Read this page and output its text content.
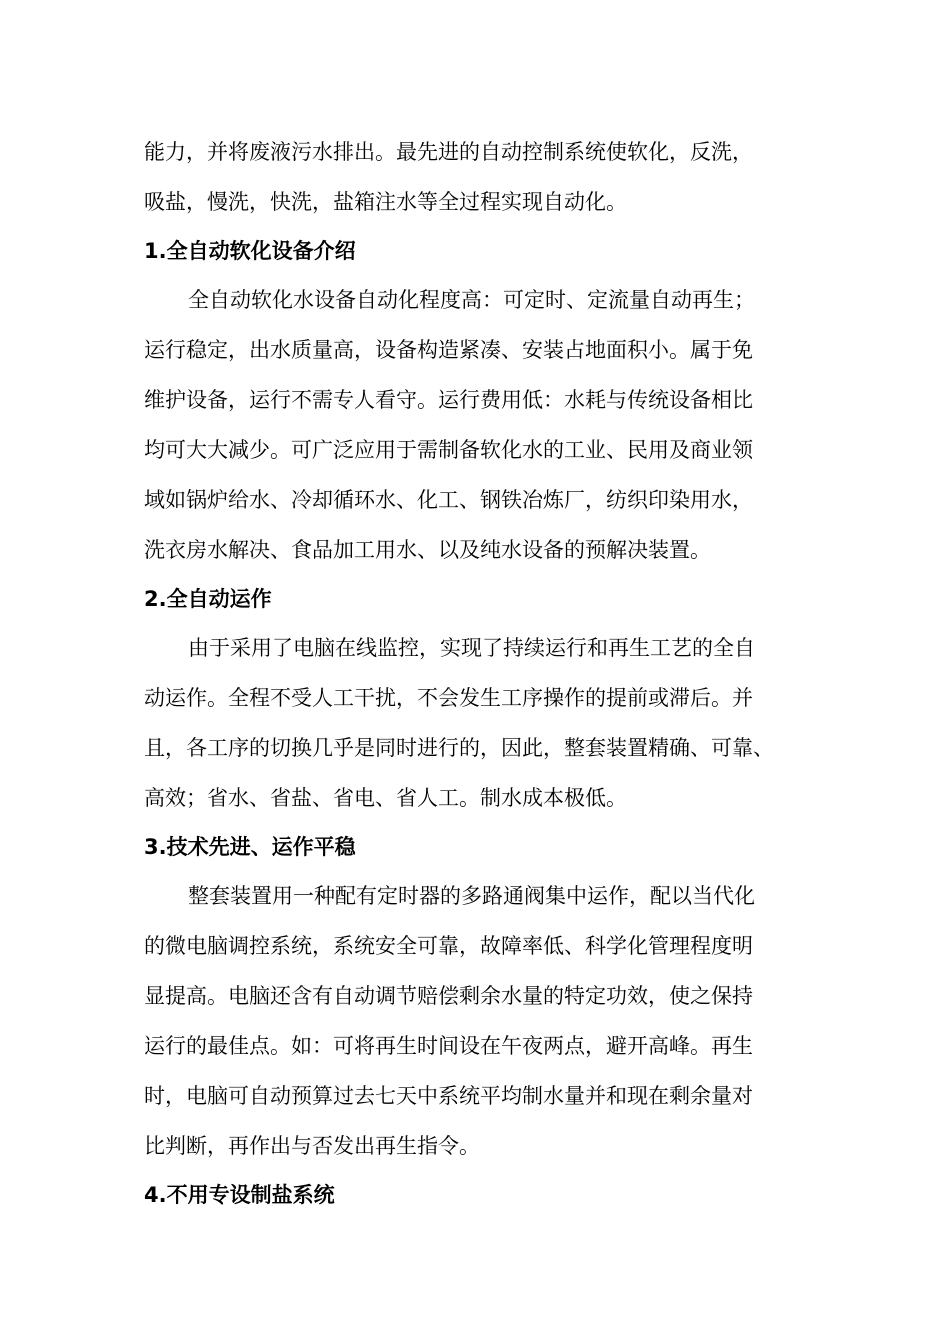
能力，并将废液污水排出。最先进的自动控制系统使软化，反洗，
吸盐，慢洗，快洗，盐箱注水等全过程实现自动化。
1.全自动软化设备介绍
全自动软化水设备自动化程度高：可定时、定流量自动再生；
运行稳定，出水质量高，设备构造紧凑、安装占地面积小。属于免
维护设备，运行不需专人看守。运行费用低：水耗与传统设备相比
均可大大减少。可广泛应用于需制备软化水的工业、民用及商业领
域如锅炉给水、冷却循环水、化工、钢铁冶炼厂，纺织印染用水，
洗衣房水解决、食品加工用水、以及纯水设备的预解决装置。
2.全自动运作
由于采用了电脑在线监控，实现了持续运行和再生工艺的全自
动运作。全程不受人工干扰，不会发生工序操作的提前或滞后。并
且，各工序的切换几乎是同时进行的，因此，整套装置精确、可靠、
高效；省水、省盐、省电、省人工。制水成本极低。
3.技术先进、运作平稳
整套装置用一种配有定时器的多路通阀集中运作，配以当代化
的微电脑调控系统，系统安全可靠，故障率低、科学化管理程度明
显提高。电脑还含有自动调节赔偿剩余水量的特定功效，使之保持
运行的最佳点。如：可将再生时间设在午夜两点，避开高峰。再生
时，电脑可自动预算过去七天中系统平均制水量并和现在剩余量对
比判断，再作出与否发出再生指令。
4.不用专设制盐系统
